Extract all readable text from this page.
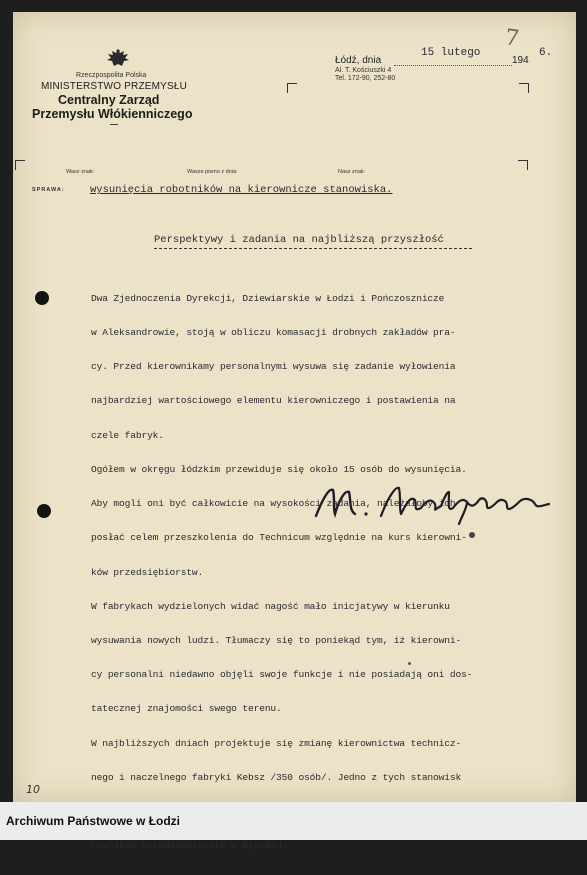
Rzeczpospolita Polska
MINISTERSTWO PRZEMYSŁU
Centralny Zarząd
Przemysłu Włókienniczego
Łódź, dnia
15 lutego
194
6.
7
Al. T. Kościuszki 4
Tel. 172-90, 252-80
Wasz znak:	Wasze pismo z dnia:	Nasz znak:
SPRAWA: wysunięcia robotników na kierownicze stanowiska.
Perspektywy i zadania na najbliższą przyszłość

Dwa Zjednoczenia Dyrekcji, Dziewiarskie w Łodzi i Pończosznicze

w Aleksandrowie, stoją w obliczu komasacji drobnych zakładów pra-

cy. Przed kierownikamy personalnymi wysuwa się zadanie wyłowienia

najbardziej wartościowego elementu kierowniczego i postawienia na

czele fabryk.

Ogółem w okręgu łódzkim przewiduje się około 15 osób do wysunięcia.

Aby mogli oni być całkowicie na wysokości zadania, należałoby ich

posłać celem przeszkolenia do Technicum względnie na kurs kierowni-

ków przedsiębiorstw.

W fabrykach wydzielonych widać nagość mało inicjatywy w kierunku

wysuwania nowych ludzi. Tłumaczy się to poniekąd tym, iż kierowni-

cy personalni niedawno objęli swoje funkcje i nie posiadają oni dos-

tatecznej znajomości swego terenu.

W najbliższych dniach projektuje się zmianę kierownictwa technicz-

nego i naczelnego fabryki Kebsz /350 osób/. Jedno z tych stanowisk

rowników przedsiębiorstw w Bytomiu.

10
Archiwum Państwowe w Łodzi
